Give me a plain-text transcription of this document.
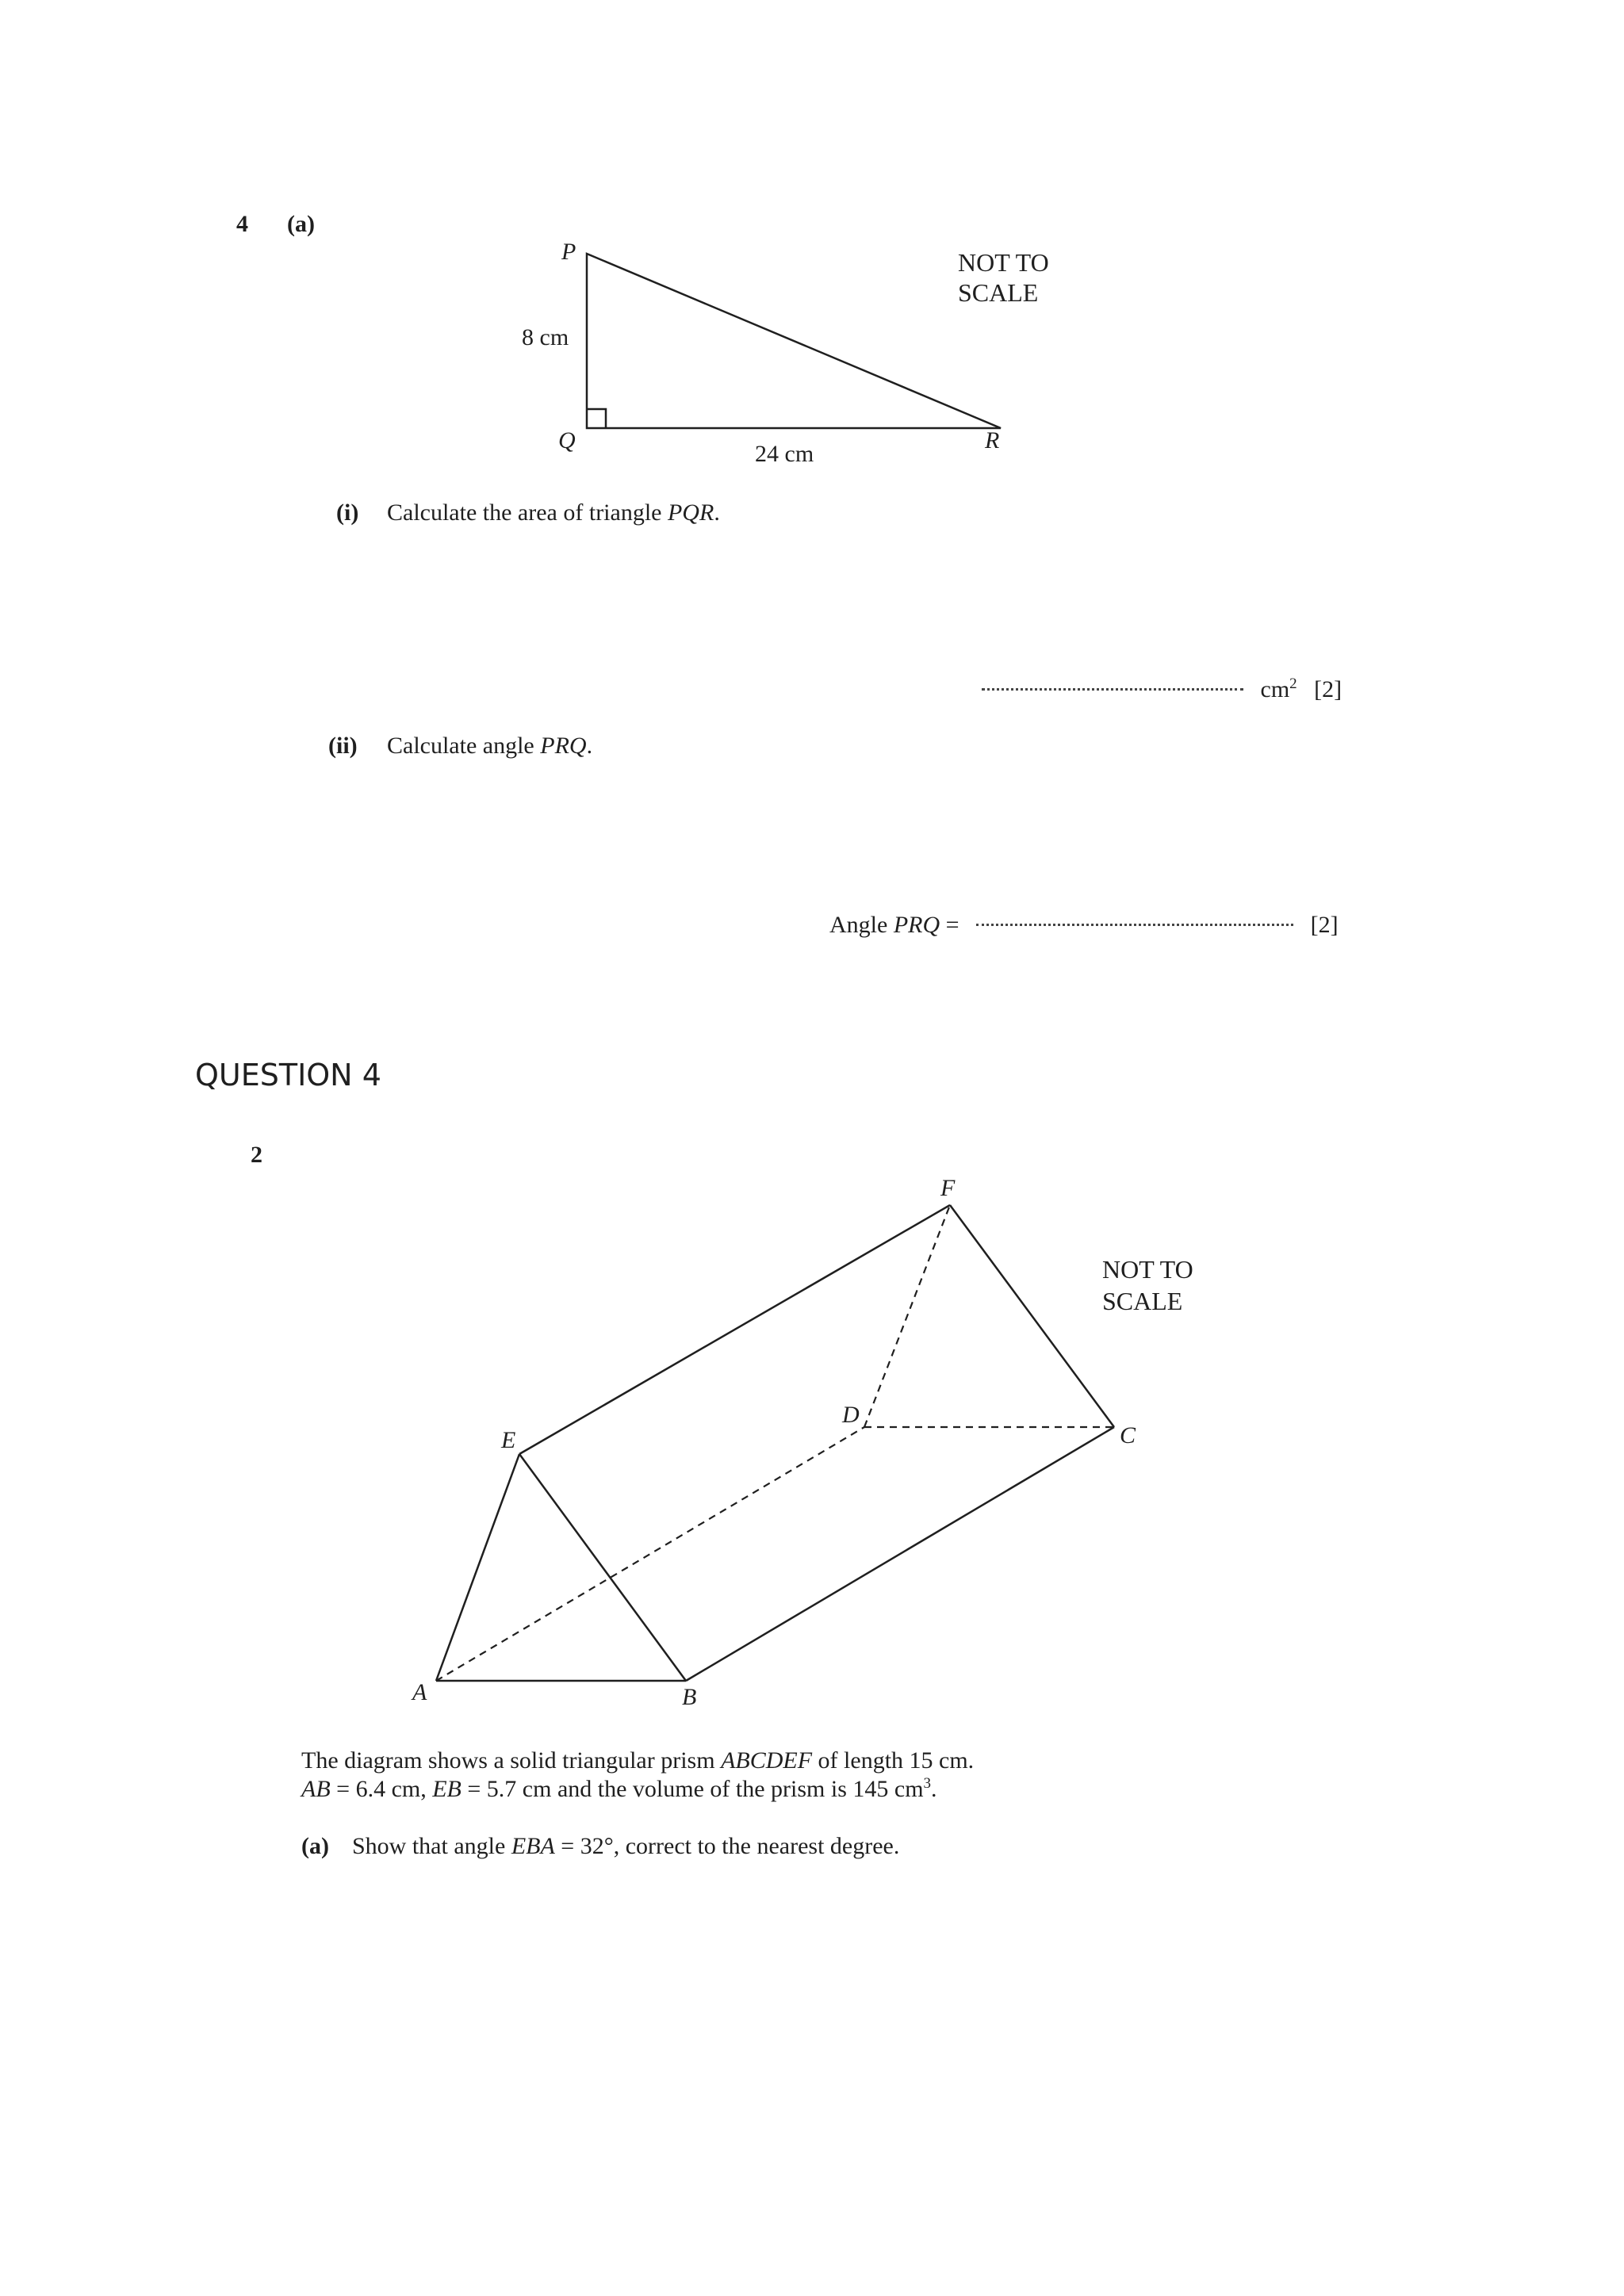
4 (a)
P
Q	R
8 cm
24 cm
NOT TO
SCALE
(i) Calculate the area of triangle PQR.
$cm^2$ [2]
(ii) Calculate angle PRQ.
Angle PRQ =	[2]
QUESTION 4
2
F
E
D
C
A	B
NOT TO
SCALE
The diagram shows a solid triangular prism ABCDEF of length 15 cm.
AB = 6.4 cm, EB = 5.7 cm and the volume of the prism is 145 $cm^3$.
(a) Show that angle EBA = 32°, correct to the nearest degree.
